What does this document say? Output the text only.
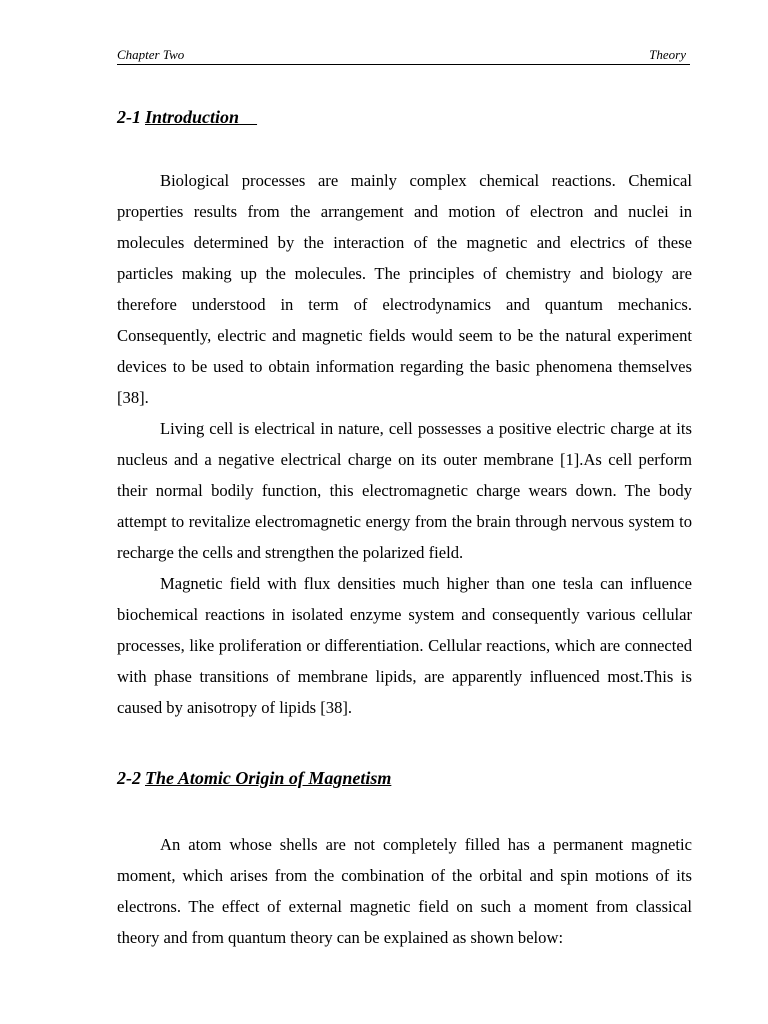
Chapter Two	Theory
2-1 Introduction

Biological processes are mainly complex chemical reactions. Chemical properties results from the arrangement and motion of electron and nuclei in molecules determined by the interaction of the magnetic and electrics of these particles making up the molecules. The principles of chemistry and biology are therefore understood in term of electrodynamics and quantum mechanics. Consequently, electric and magnetic fields would seem to be the natural experiment devices to be used to obtain information regarding the basic phenomena themselves [38].

Living cell is electrical in nature, cell possesses a positive electric charge at its nucleus and a negative electrical charge on its outer membrane [1].As cell perform their normal bodily function, this electromagnetic charge wears down. The body attempt to revitalize electromagnetic energy from the brain through nervous system to recharge the cells and strengthen the polarized field.

Magnetic field with flux densities much higher than one tesla can influence biochemical reactions in isolated enzyme system and consequently various cellular processes, like proliferation or differentiation. Cellular reactions, which are connected with phase transitions of membrane lipids, are apparently influenced most.This is caused by anisotropy of lipids [38].

2-2 The Atomic Origin of Magnetism

An atom whose shells are not completely filled has a permanent magnetic moment, which arises from the combination of the orbital and spin motions of its electrons. The effect of external magnetic field on such a moment from classical theory and from quantum theory can be explained as shown below:
